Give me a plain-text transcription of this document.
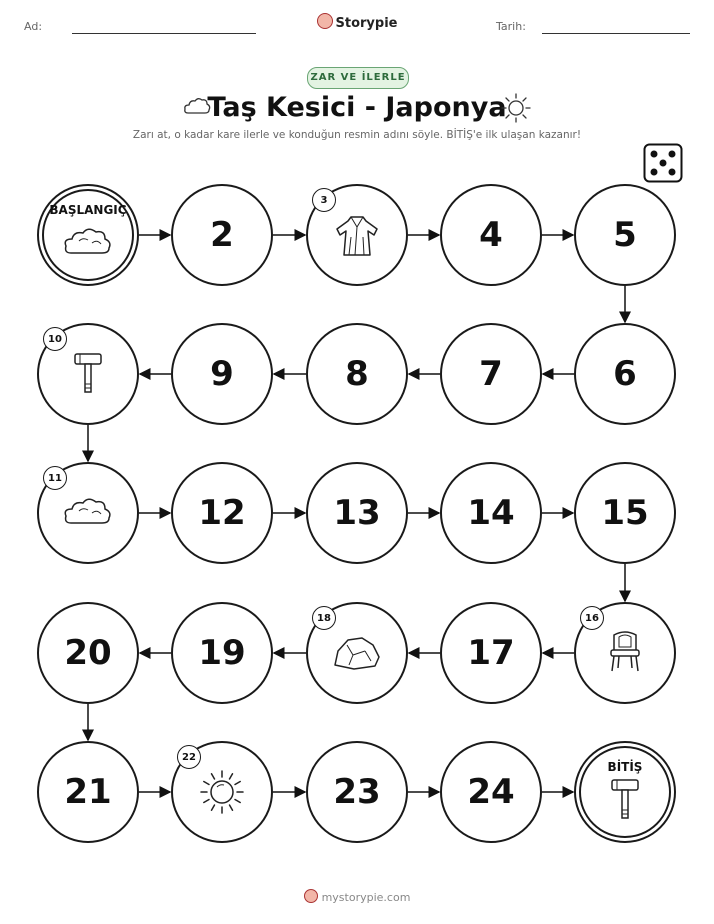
Ad:	Storypie	Tarih:
ZAR VE İLERLE
Taş Kesici - Japonya
Zarı at, o kadar kare ilerle ve konduğun resmin adını söyle. BİTİŞ'e ilk ulaşan kazanır!
BAŞLANGIÇ
2
3
4	5
6
7
8
9
10
11
12	13	14	15
16
17
18
19
20
21
22
23	24
BİTİŞ
mystorypie.com
